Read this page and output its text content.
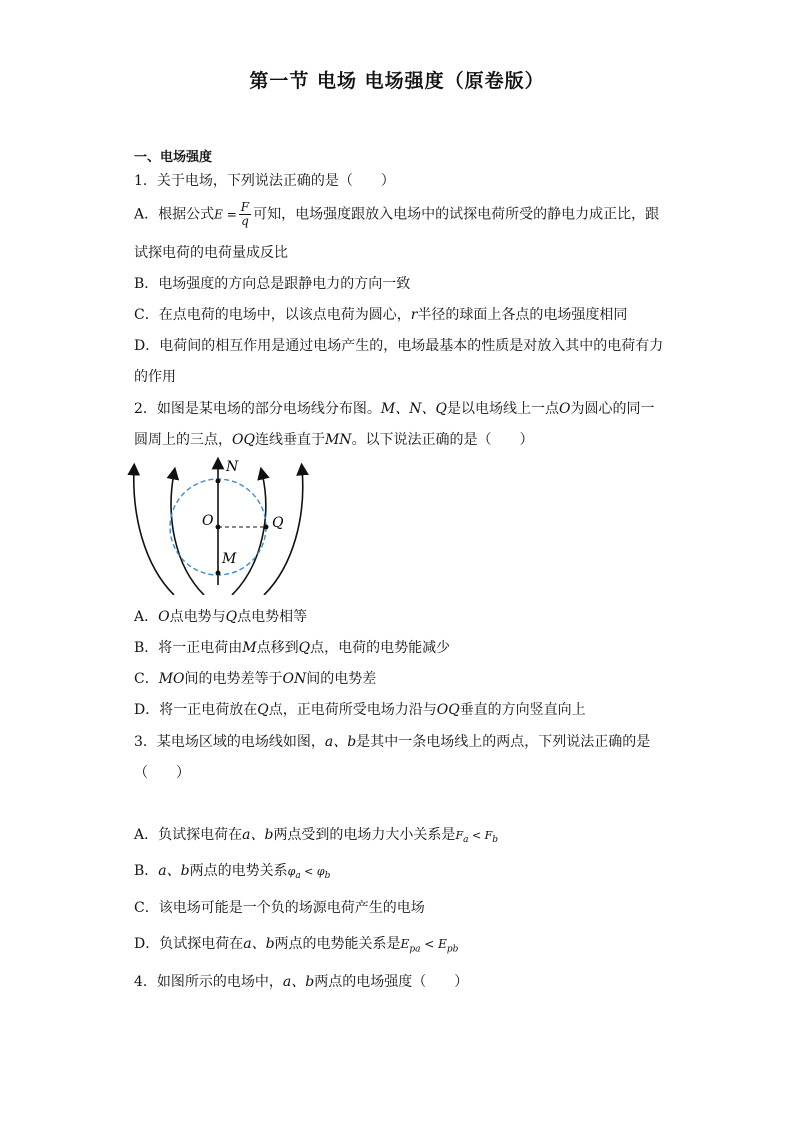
第一节 电场 电场强度（原卷版）
一、电场强度
1．关于电场，下列说法正确的是（　　）
A．根据公式$E = \frac{F}{q}$ 可知，电场强度跟放入电场中的试探电荷所受的静电力成正比，跟
试探电荷的电荷量成反比
B．电场强度的方向总是跟静电力的方向一致
C．在点电荷的电场中，以该点电荷为圆心，r半径的球面上各点的电场强度相同
D．电荷间的相互作用是通过电场产生的，电场最基本的性质是对放入其中的电荷有力
的作用
2．如图是某电场的部分电场线分布图。M、N、Q是以电场线上一点O为圆心的同一
圆周上的三点，OQ连线垂直于MN。以下说法正确的是（　　）
N
O	Q
M
A．O点电势与Q点电势相等
B．将一正电荷由M点移到Q点，电荷的电势能减少
C．MO间的电势差等于ON间的电势差
D．将一正电荷放在Q点，正电荷所受电场力沿与OQ垂直的方向竖直向上
3．某电场区域的电场线如图，a、b是其中一条电场线上的两点，下列说法正确的是
（　　）
A．负试探电荷在a、b两点受到的电场力大小关系是$F_a < F_b$
B．a、b两点的电势关系$\varphi_a < \varphi_b$
C．该电场可能是一个负的场源电荷产生的电场
D．负试探电荷在a、b两点的电势能关系是$E_{pa} < E_{pb}$
4．如图所示的电场中，a、b两点的电场强度（　　）
